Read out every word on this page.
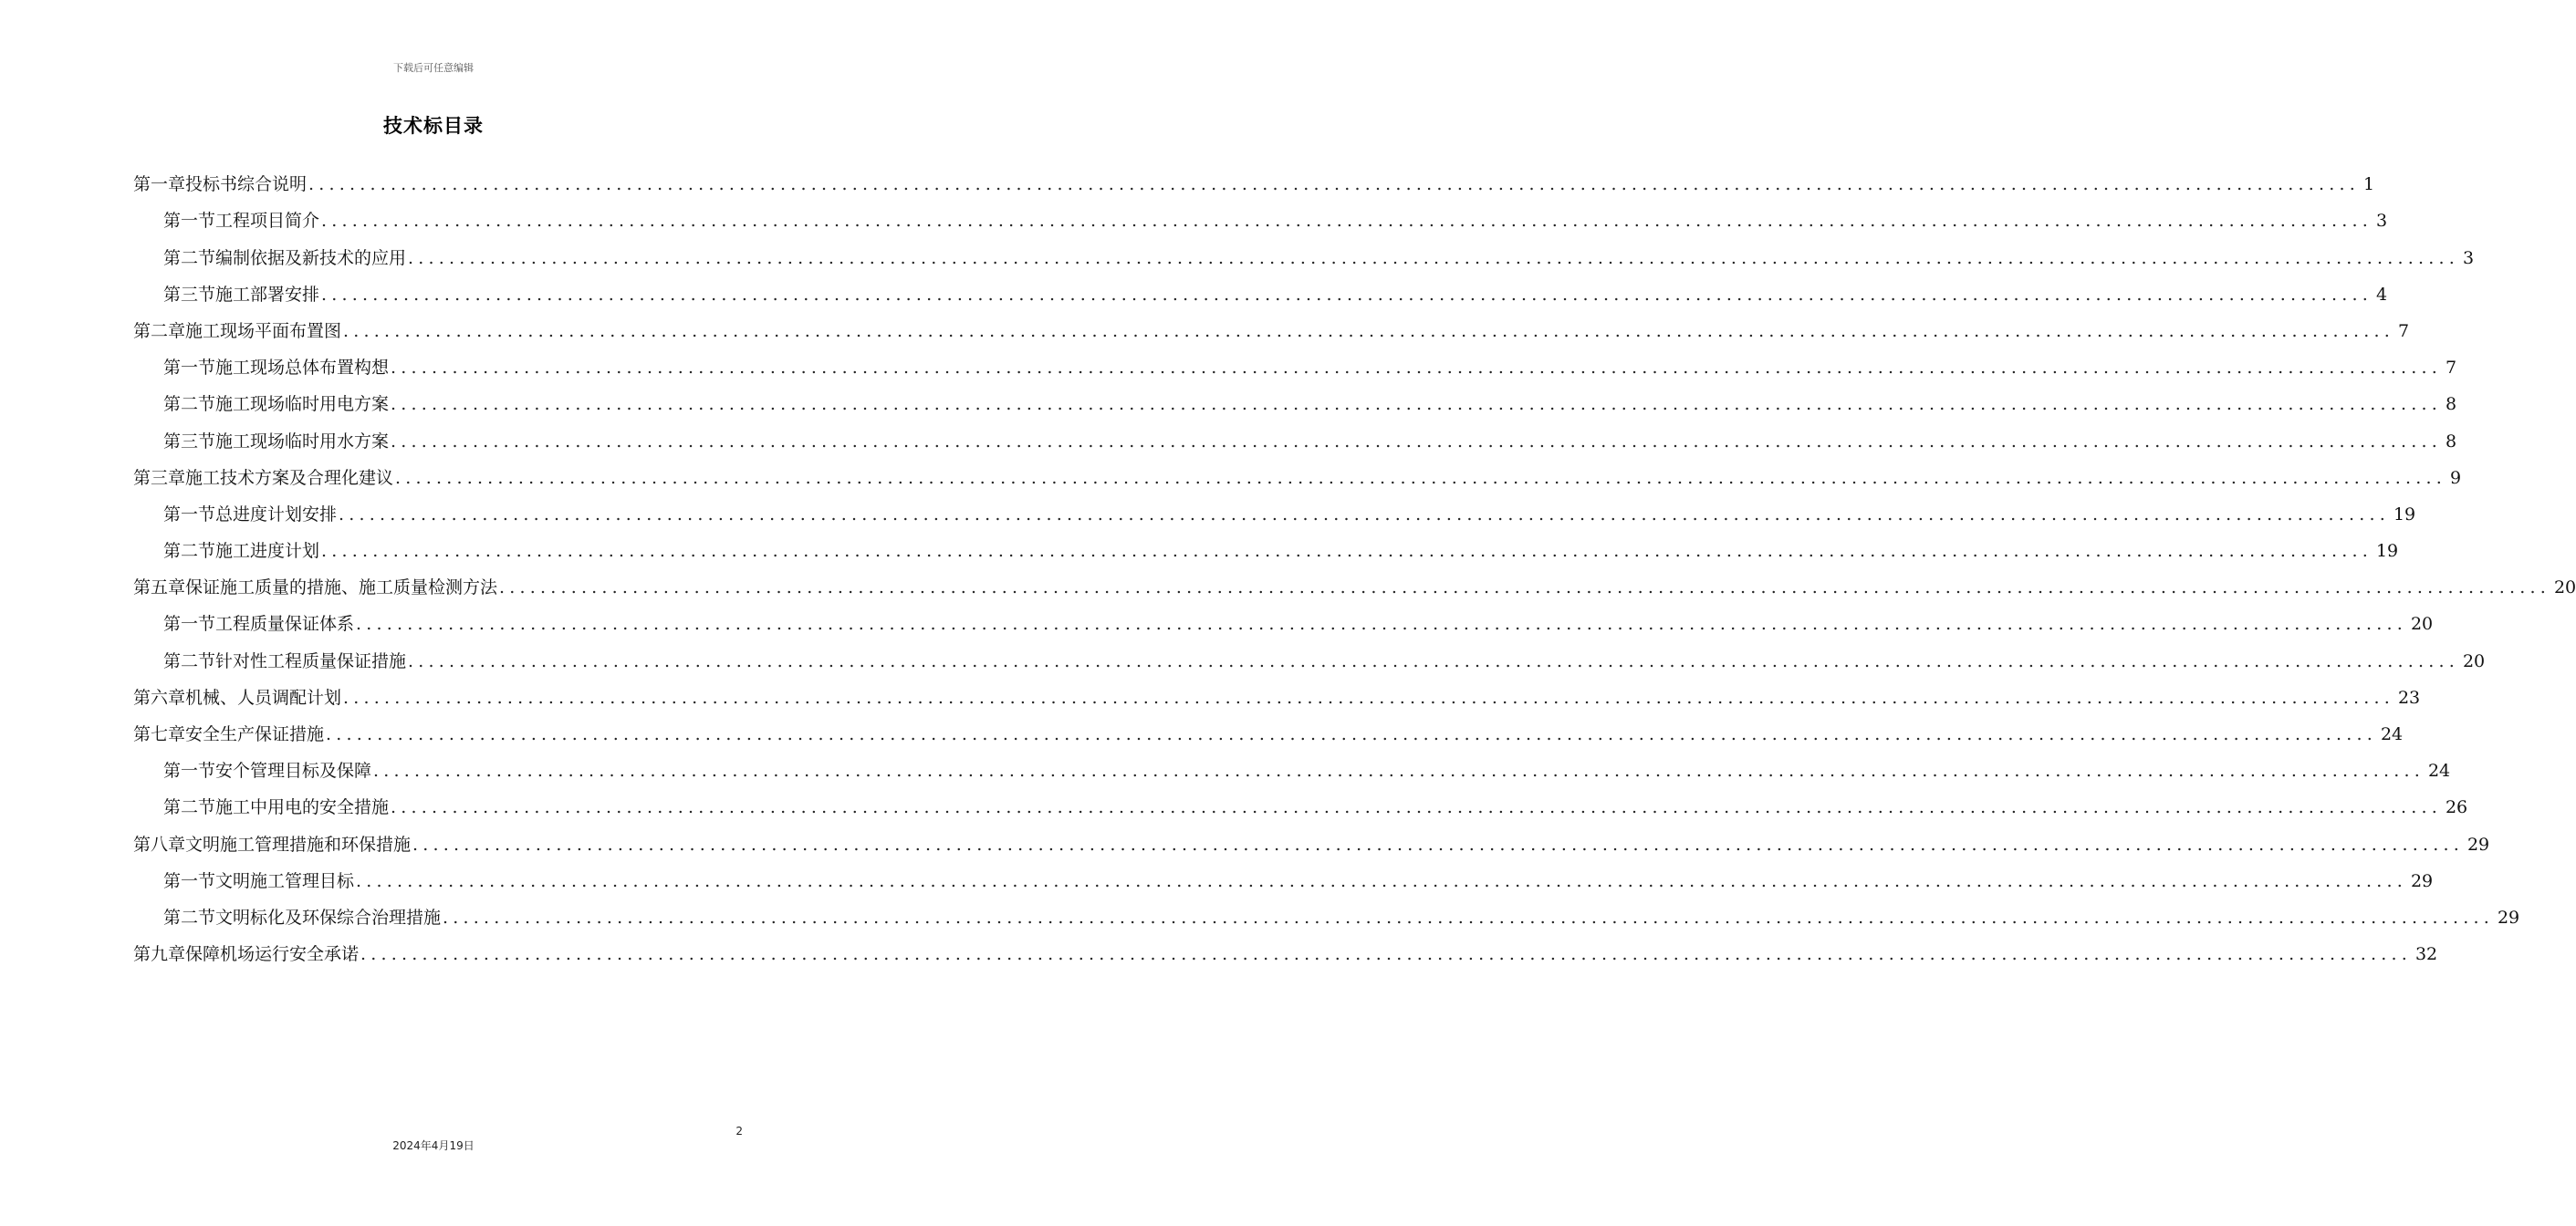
下载后可任意编辑
技术标目录
第一章 投标书综合说明 ........................................................................................................................................................................................................ 1
第一节 工程项目简介 ........................................................................................................................................................................................................ 3
第二节 编制依据及新技术的应用 ........................................................................................................................................................................................................ 3
第三节 施工部署安排 ........................................................................................................................................................................................................ 4
第二章 施工现场平面布置图 ........................................................................................................................................................................................................ 7
第一节 施工现场总体布置构想 ........................................................................................................................................................................................................ 7
第二节 施工现场临时用电方案 ........................................................................................................................................................................................................ 8
第三节 施工现场临时用水方案 ........................................................................................................................................................................................................ 8
第三章 施工技术方案及合理化建议 ........................................................................................................................................................................................................ 9
第一节 总进度计划安排 ........................................................................................................................................................................................................ 19
第二节 施工进度计划 ........................................................................................................................................................................................................ 19
第五章 保证施工质量的措施、施工质量检测方法 ........................................................................................................................................................................................................ 20
第一节 工程质量保证体系 ........................................................................................................................................................................................................ 20
第二节 针对性工程质量保证措施 ........................................................................................................................................................................................................ 20
第六章 机械、人员调配计划 ........................................................................................................................................................................................................ 23
第七章 安全生产保证措施 ........................................................................................................................................................................................................ 24
第一节 安个管理目标及保障 ........................................................................................................................................................................................................ 24
第二节 施工中用电的安全措施 ........................................................................................................................................................................................................ 26
第八章 文明施工管理措施和环保措施 ........................................................................................................................................................................................................ 29
第一节 文明施工管理目标 ........................................................................................................................................................................................................ 29
第二节 文明标化及环保综合治理措施 ........................................................................................................................................................................................................ 29
第九章 保障机场运行安全承诺 ........................................................................................................................................................................................................ 32
2
2024年4月19日
